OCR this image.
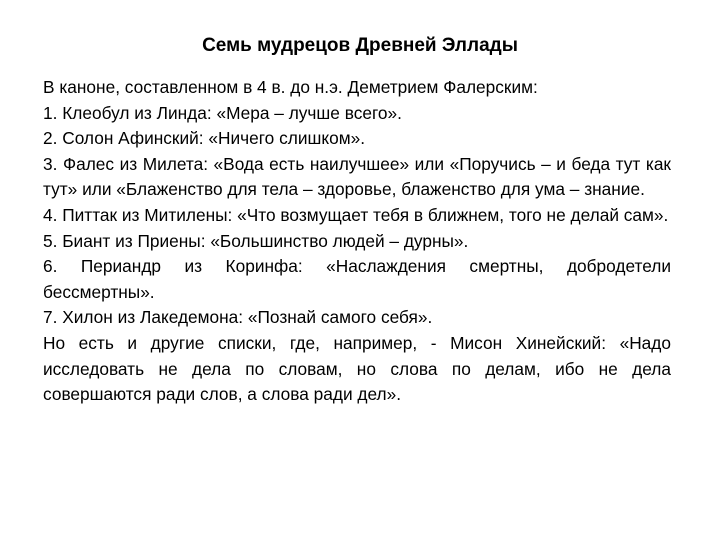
Семь мудрецов Древней Эллады

В каноне, составленном в 4 в. до н.э. Деметрием Фалерским:

1. Клеобул из Линда: «Мера – лучше всего».

2. Солон Афинский: «Ничего слишком».

3. Фалес из Милета: «Вода есть наилучшее» или «Поручись – и беда тут как тут» или «Блаженство для тела – здоровье, блаженство для ума – знание.

4. Питтак из Митилены: «Что возмущает тебя в ближнем, того не делай сам».

5. Биант из Приены: «Большинство людей – дурны».

6. Периандр из Коринфа: «Наслаждения смертны, добродетели бессмертны».

7. Хилон из Лакедемона: «Познай самого себя».

Но есть и другие списки, где, например, - Мисон Хинейский: «Надо исследовать не дела по словам, но слова по делам, ибо не дела совершаются ради слов, а слова ради дел».
